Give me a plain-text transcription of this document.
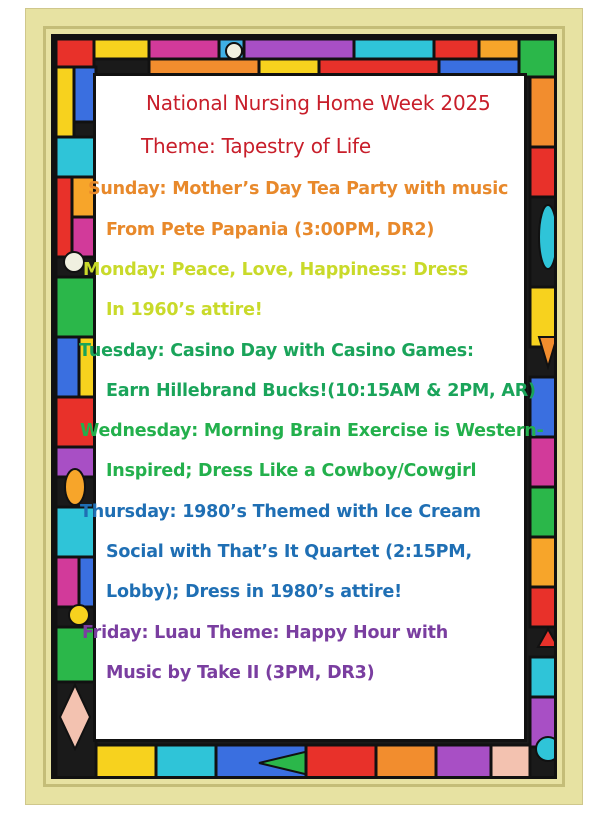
National Nursing Home Week 2025
Theme: Tapestry of Life
Sunday: Mother’s Day Tea Party with music
From Pete Papania (3:00PM, DR2)
Monday: Peace, Love, Happiness: Dress
In 1960’s attire!
Tuesday: Casino Day with Casino Games:
Earn Hillebrand Bucks!(10:15AM & 2PM, AR)
Wednesday: Morning Brain Exercise is Western-
Inspired; Dress Like a Cowboy/Cowgirl
Thursday: 1980’s Themed with Ice Cream
Social with That’s It Quartet (2:15PM,
Lobby); Dress in 1980’s attire!
Friday: Luau Theme: Happy Hour with
Music by Take II (3PM, DR3)
